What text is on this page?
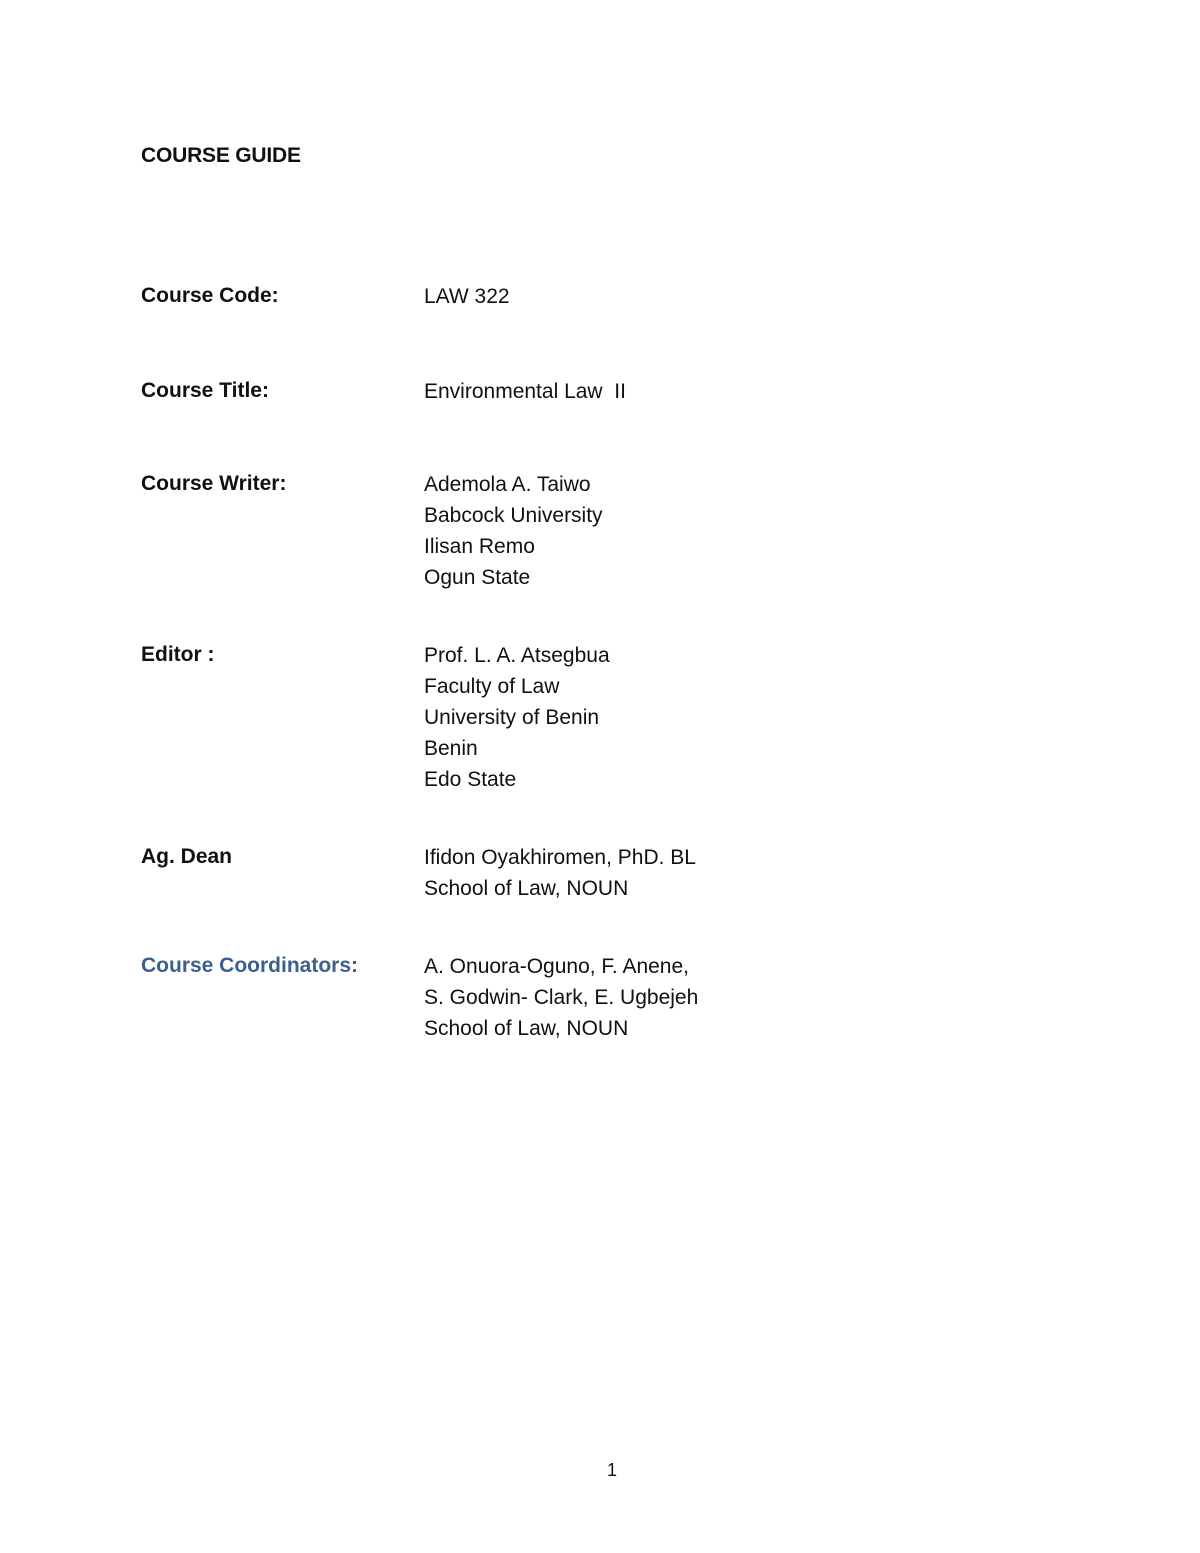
COURSE GUIDE
Course Code:	LAW 322
Course Title:	Environmental Law  II
Course Writer:	Ademola A. Taiwo
Babcock University
Ilisan Remo
Ogun State
Editor :	Prof. L. A. Atsegbua
Faculty of Law
University of Benin
Benin
Edo State
Ag. Dean	Ifidon Oyakhiromen, PhD. BL
School of Law, NOUN
Course Coordinators:	A. Onuora-Oguno, F. Anene,
S. Godwin- Clark, E. Ugbejeh
School of Law, NOUN
1
